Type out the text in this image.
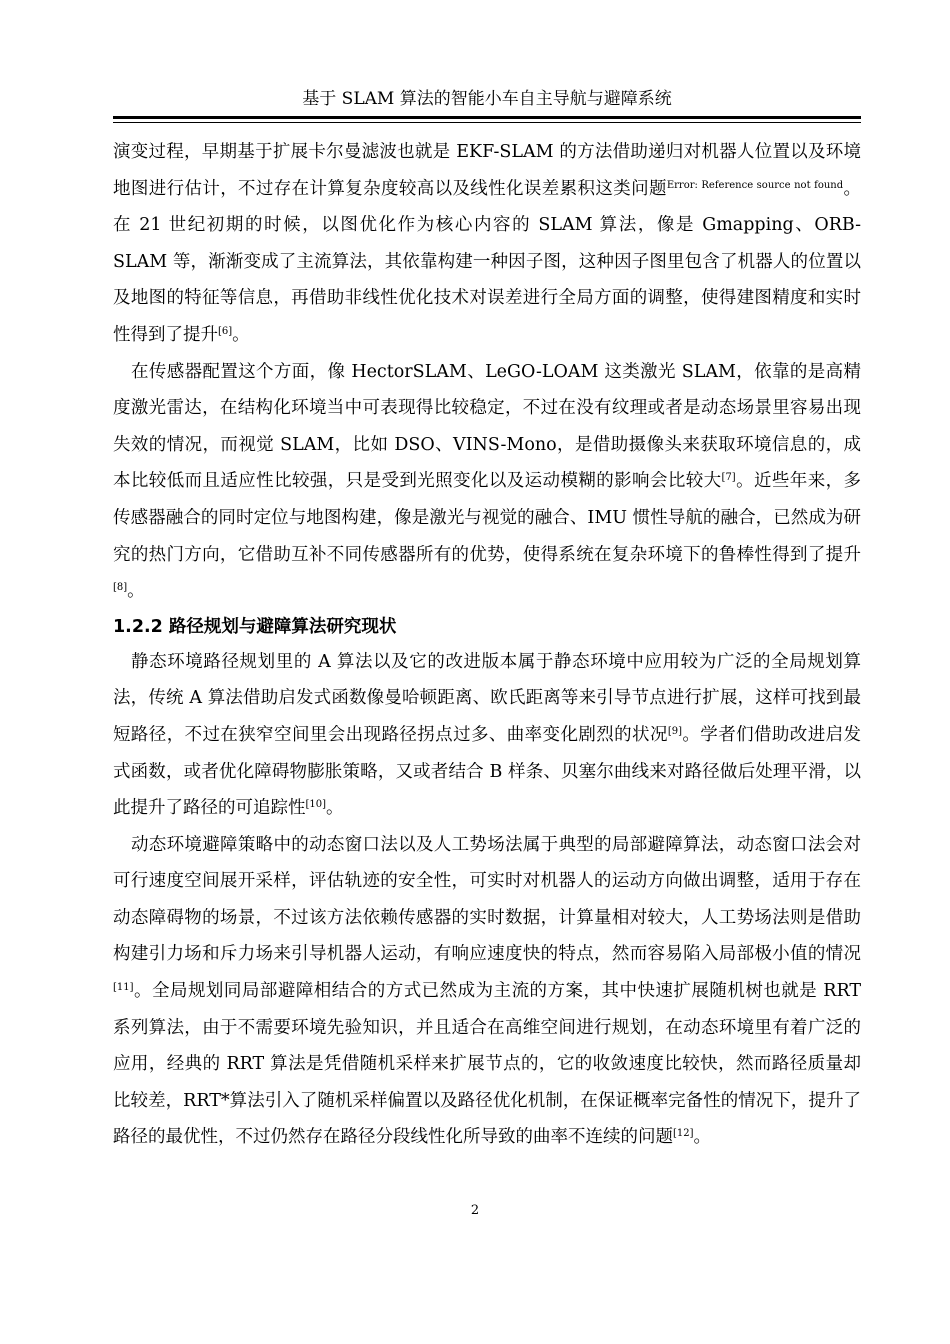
基于 SLAM 算法的智能小车自主导航与避障系统

演变过程，早期基于扩展卡尔曼滤波也就是 EKF-SLAM 的方法借助递归对机器人位置以及环境地图进行估计，不过存在计算复杂度较高以及线性化误差累积这类问题$^{Error: Reference source not found}$。在 21 世纪初期的时候，以图优化作为核心内容的 SLAM 算法，像是 Gmapping、ORB-SLAM 等，渐渐变成了主流算法，其依靠构建一种因子图，这种因子图里包含了机器人的位置以及地图的特征等信息，再借助非线性优化技术对误差进行全局方面的调整，使得建图精度和实时性得到了提升[6]。

在传感器配置这个方面，像 HectorSLAM、LeGO-LOAM 这类激光 SLAM，依靠的是高精度激光雷达，在结构化环境当中可表现得比较稳定，不过在没有纹理或者是动态场景里容易出现失效的情况，而视觉 SLAM，比如 DSO、VINS-Mono，是借助摄像头来获取环境信息的，成本比较低而且适应性比较强，只是受到光照变化以及运动模糊的影响会比较大[7]。近些年来，多传感器融合的同时定位与地图构建，像是激光与视觉的融合、IMU 惯性导航的融合，已然成为研究的热门方向，它借助互补不同传感器所有的优势，使得系统在复杂环境下的鲁棒性得到了提升[8]。

1.2.2 路径规划与避障算法研究现状

静态环境路径规划里的 A 算法以及它的改进版本属于静态环境中应用较为广泛的全局规划算法，传统 A 算法借助启发式函数像曼哈顿距离、欧氏距离等来引导节点进行扩展，这样可找到最短路径，不过在狭窄空间里会出现路径拐点过多、曲率变化剧烈的状况[9]。学者们借助改进启发式函数，或者优化障碍物膨胀策略，又或者结合 B 样条、贝塞尔曲线来对路径做后处理平滑，以此提升了路径的可追踪性[10]。

动态环境避障策略中的动态窗口法以及人工势场法属于典型的局部避障算法，动态窗口法会对可行速度空间展开采样，评估轨迹的安全性，可实时对机器人的运动方向做出调整，适用于存在动态障碍物的场景，不过该方法依赖传感器的实时数据，计算量相对较大，人工势场法则是借助构建引力场和斥力场来引导机器人运动，有响应速度快的特点，然而容易陷入局部极小值的情况[11]。全局规划同局部避障相结合的方式已然成为主流的方案，其中快速扩展随机树也就是 RRT 系列算法，由于不需要环境先验知识，并且适合在高维空间进行规划，在动态环境里有着广泛的应用，经典的 RRT 算法是凭借随机采样来扩展节点的，它的收敛速度比较快，然而路径质量却比较差，RRT*算法引入了随机采样偏置以及路径优化机制，在保证概率完备性的情况下，提升了路径的最优性，不过仍然存在路径分段线性化所导致的曲率不连续的问题[12]。

2
